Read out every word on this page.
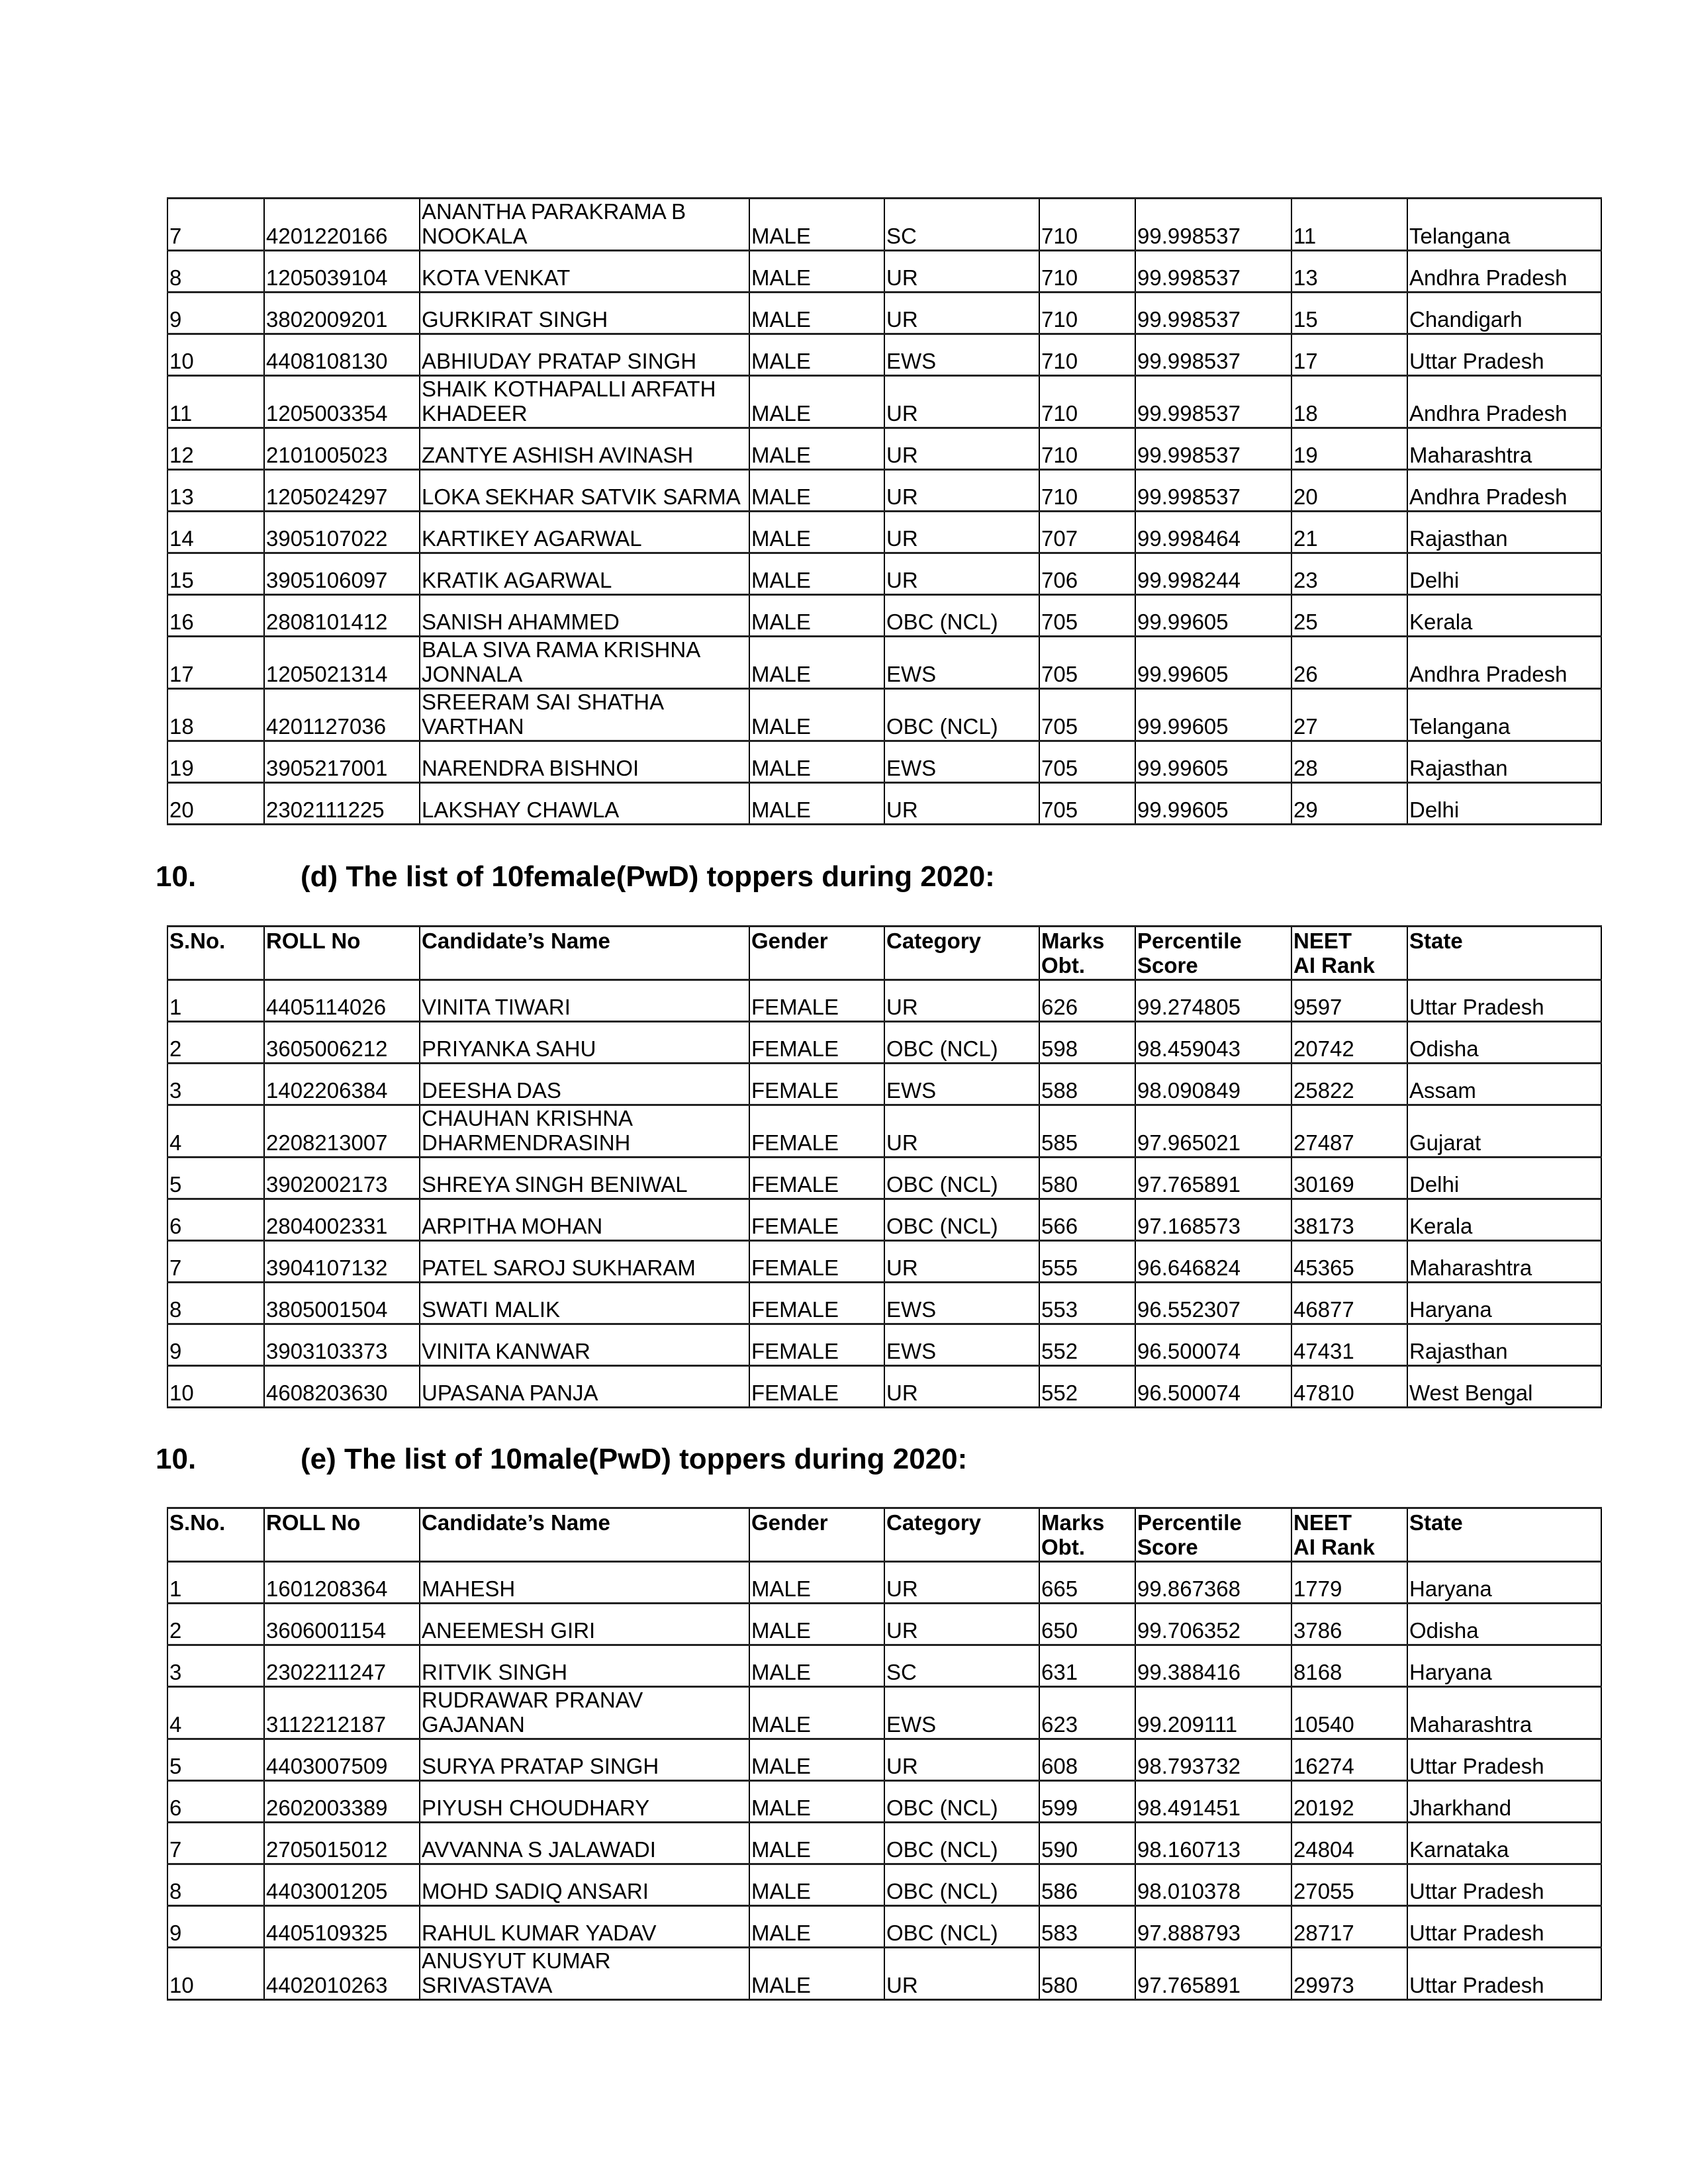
7	4201220166	ANANTHA PARAKRAMA B
NOOKALA	MALE	SC	710	99.998537	11	Telangana
8	1205039104	KOTA VENKAT	MALE	UR	710	99.998537	13	Andhra Pradesh
9	3802009201	GURKIRAT SINGH	MALE	UR	710	99.998537	15	Chandigarh
10	4408108130	ABHIUDAY PRATAP SINGH	MALE	EWS	710	99.998537	17	Uttar Pradesh
11	1205003354	SHAIK KOTHAPALLI ARFATH
KHADEER	MALE	UR	710	99.998537	18	Andhra Pradesh
12	2101005023	ZANTYE ASHISH AVINASH	MALE	UR	710	99.998537	19	Maharashtra
13	1205024297	LOKA SEKHAR SATVIK SARMA	MALE	UR	710	99.998537	20	Andhra Pradesh
14	3905107022	KARTIKEY AGARWAL	MALE	UR	707	99.998464	21	Rajasthan
15	3905106097	KRATIK AGARWAL	MALE	UR	706	99.998244	23	Delhi
16	2808101412	SANISH AHAMMED	MALE	OBC (NCL)	705	99.99605	25	Kerala
17	1205021314	BALA SIVA RAMA KRISHNA
JONNALA	MALE	EWS	705	99.99605	26	Andhra Pradesh
18	4201127036	SREERAM SAI SHATHA
VARTHAN	MALE	OBC (NCL)	705	99.99605	27	Telangana
19	3905217001	NARENDRA BISHNOI	MALE	EWS	705	99.99605	28	Rajasthan
20	2302111225	LAKSHAY CHAWLA	MALE	UR	705	99.99605	29	Delhi
10.	(d) The list of 10female(PwD) toppers during 2020:
S.No.	ROLL No	Candidate’s Name	Gender	Category	Marks
Obt.	Percentile
Score	NEET
AI Rank	State
1	4405114026	VINITA TIWARI	FEMALE	UR	626	99.274805	9597	Uttar Pradesh
2	3605006212	PRIYANKA SAHU	FEMALE	OBC (NCL)	598	98.459043	20742	Odisha
3	1402206384	DEESHA DAS	FEMALE	EWS	588	98.090849	25822	Assam
4	2208213007	CHAUHAN KRISHNA
DHARMENDRASINH	FEMALE	UR	585	97.965021	27487	Gujarat
5	3902002173	SHREYA SINGH BENIWAL	FEMALE	OBC (NCL)	580	97.765891	30169	Delhi
6	2804002331	ARPITHA MOHAN	FEMALE	OBC (NCL)	566	97.168573	38173	Kerala
7	3904107132	PATEL SAROJ SUKHARAM	FEMALE	UR	555	96.646824	45365	Maharashtra
8	3805001504	SWATI MALIK	FEMALE	EWS	553	96.552307	46877	Haryana
9	3903103373	VINITA KANWAR	FEMALE	EWS	552	96.500074	47431	Rajasthan
10	4608203630	UPASANA PANJA	FEMALE	UR	552	96.500074	47810	West Bengal
10.	(e) The list of 10male(PwD) toppers during 2020:
S.No.	ROLL No	Candidate’s Name	Gender	Category	Marks
Obt.	Percentile
Score	NEET
AI Rank	State
1	1601208364	MAHESH	MALE	UR	665	99.867368	1779	Haryana
2	3606001154	ANEEMESH GIRI	MALE	UR	650	99.706352	3786	Odisha
3	2302211247	RITVIK SINGH	MALE	SC	631	99.388416	8168	Haryana
4	3112212187	RUDRAWAR PRANAV
GAJANAN	MALE	EWS	623	99.209111	10540	Maharashtra
5	4403007509	SURYA PRATAP SINGH	MALE	UR	608	98.793732	16274	Uttar Pradesh
6	2602003389	PIYUSH CHOUDHARY	MALE	OBC (NCL)	599	98.491451	20192	Jharkhand
7	2705015012	AVVANNA S JALAWADI	MALE	OBC (NCL)	590	98.160713	24804	Karnataka
8	4403001205	MOHD SADIQ ANSARI	MALE	OBC (NCL)	586	98.010378	27055	Uttar Pradesh
9	4405109325	RAHUL KUMAR YADAV	MALE	OBC (NCL)	583	97.888793	28717	Uttar Pradesh
10	4402010263	ANUSYUT KUMAR
SRIVASTAVA	MALE	UR	580	97.765891	29973	Uttar Pradesh
